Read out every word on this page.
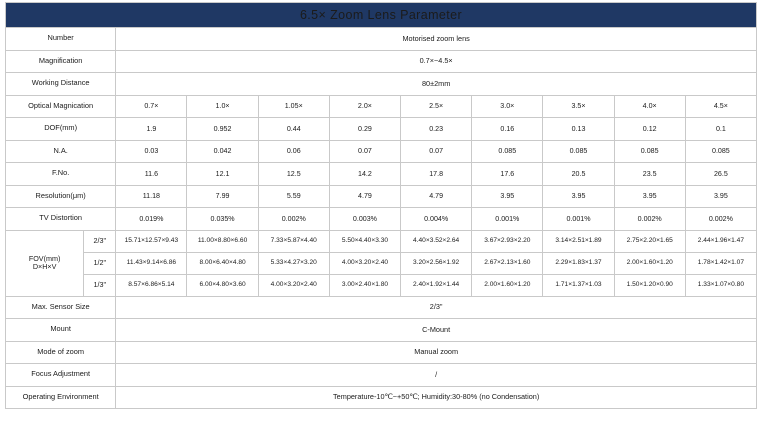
6.5× Zoom Lens Parameter										
Number		Motorised zoom lens								
Magnification		0.7×~4.5×								
Working Distance		80±2mm								
Optical Magnication		0.7×	1.0×	1.05×	2.0×	2.5×	3.0×	3.5×	4.0×	4.5×
DOF(mm)		1.9	0.952	0.44	0.29	0.23	0.16	0.13	0.12	0.1
N.A.		0.03	0.042	0.06	0.07	0.07	0.085	0.085	0.085	0.085
F.No.		11.6	12.1	12.5	14.2	17.8	17.6	20.5	23.5	26.5
Resolution(μm)		11.18	7.99	5.59	4.79	4.79	3.95	3.95	3.95	3.95
TV Distortion		0.019%	0.035%	0.002%	0.003%	0.004%	0.001%	0.001%	0.002%	0.002%

FOV(mm)
D×H×V	2/3"	15.71×12.57×9.43	11.00×8.80×6.60	7.33×5.87×4.40	5.50×4.40×3.30	4.40×3.52×2.64	3.67×2.93×2.20	3.14×2.51×1.89	2.75×2.20×1.65	2.44×1.96×1.47
	1/2"	11.43×9.14×6.86	8.00×6.40×4.80	5.33×4.27×3.20	4.00×3.20×2.40	3.20×2.56×1.92	2.67×2.13×1.60	2.29×1.83×1.37	2.00×1.60×1.20	1.78×1.42×1.07
	1/3"	8.57×6.86×5.14	6.00×4.80×3.60	4.00×3.20×2.40	3.00×2.40×1.80	2.40×1.92×1.44	2.00×1.60×1.20	1.71×1.37×1.03	1.50×1.20×0.90	1.33×1.07×0.80
Max. Sensor Size		2/3"								
Mount		C-Mount								
Mode of zoom		Manual zoom								
Focus Adjustment		/								
Operating Environment		Temperature-10℃~+50℃; Humidity:30-80% (no Condensation)								
